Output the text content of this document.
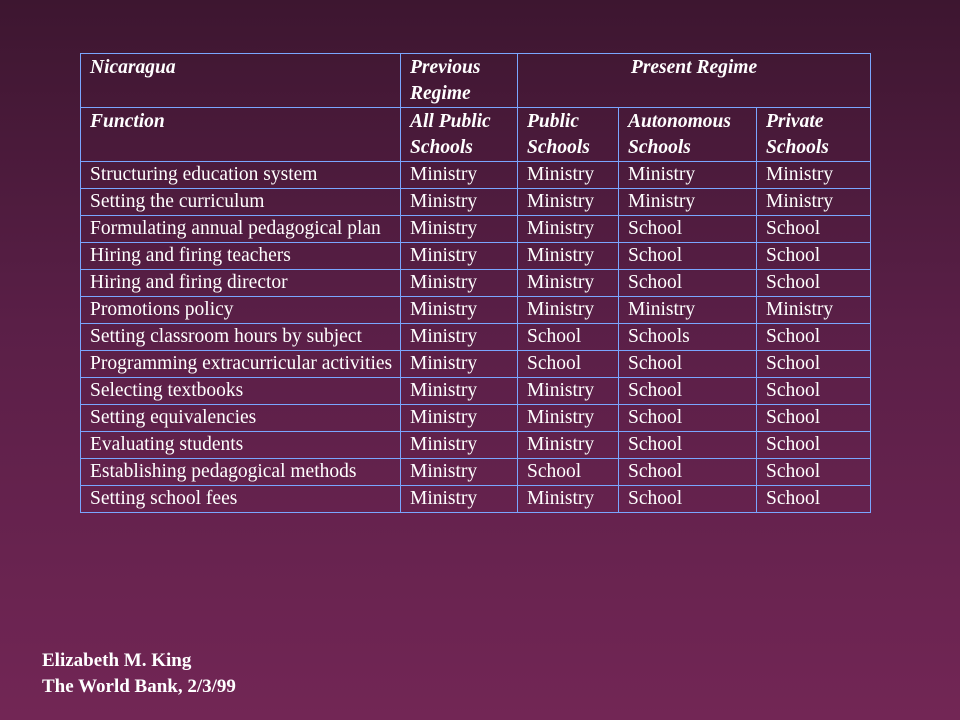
Nicaragua	Previous Regime	Present Regime		
Function	All Public Schools	Public Schools	Autonomous Schools	Private Schools
Structuring education system	Ministry	Ministry	Ministry	Ministry
Setting the curriculum	Ministry	Ministry	Ministry	Ministry
Formulating annual pedagogical plan	Ministry	Ministry	School	School
Hiring and firing teachers	Ministry	Ministry	School	School
Hiring and firing director	Ministry	Ministry	School	School
Promotions policy	Ministry	Ministry	Ministry	Ministry
Setting classroom hours by subject	Ministry	School	Schools	School
Programming extracurricular activities	Ministry	School	School	School
Selecting textbooks	Ministry	Ministry	School	School
Setting equivalencies	Ministry	Ministry	School	School
Evaluating students	Ministry	Ministry	School	School
Establishing pedagogical methods	Ministry	School	School	School
Setting school fees	Ministry	Ministry	School	School
Elizabeth M. King
The World Bank, 2/3/99
